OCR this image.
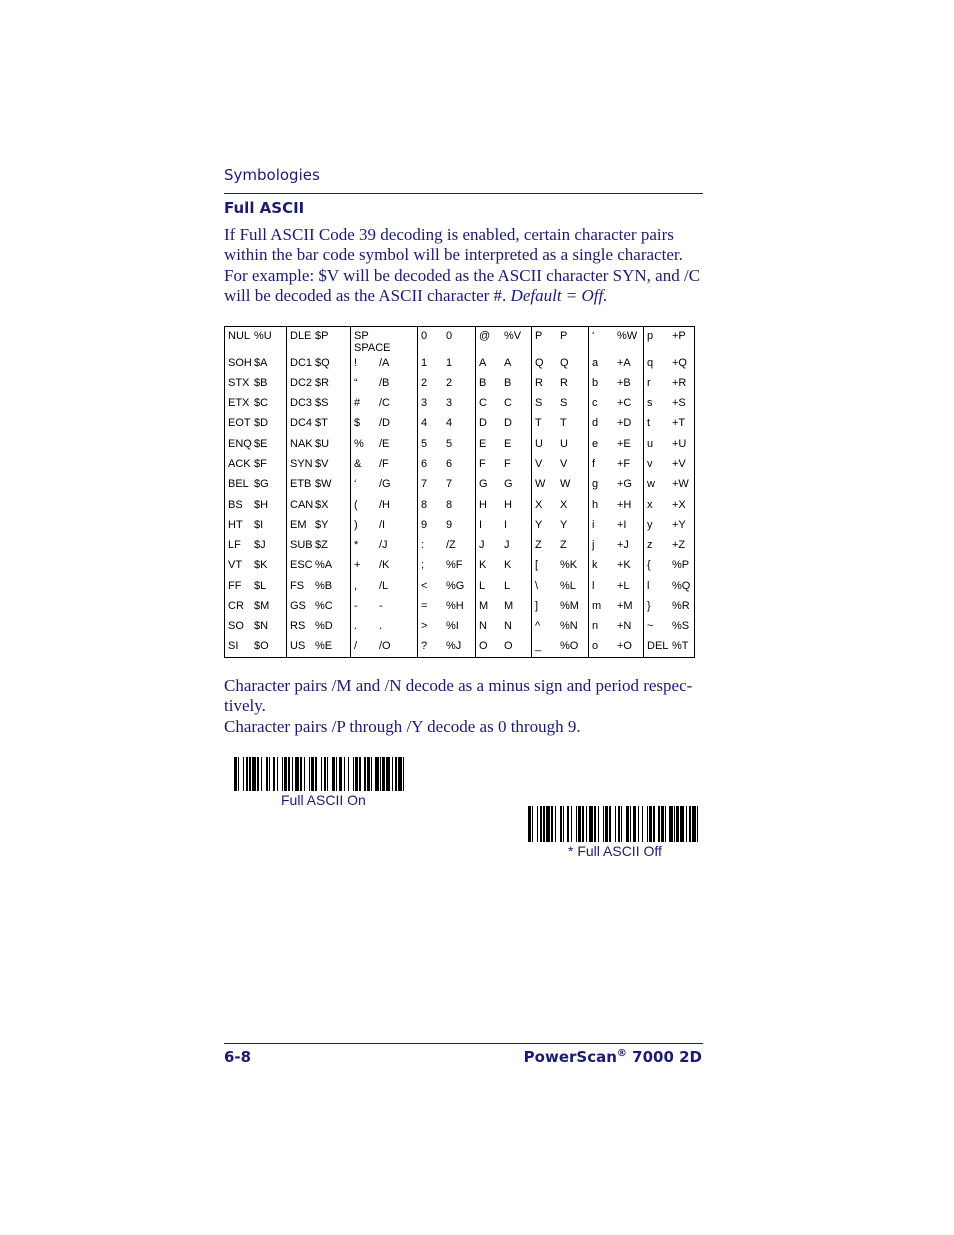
Symbologies
Full ASCII
If Full ASCII Code 39 decoding is enabled, certain character pairs within the bar code symbol will be interpreted as a single character. For example: $V will be decoded as the ASCII character SYN, and /C will be decoded as the ASCII character #. Default = Off.
NUL %U
SOH $A
STX $B
ETX $C
EOT $D
ENQ $E
ACK $F
BEL $G
BS $H
HT $I
LF $J
VT $K
FF $L
CR $M
SO $N
SI $O
DLE $P
DC1 $Q
DC2 $R
DC3 $S
DC4 $T
NAK $U
SYN $V
ETB $W
CAN $X
EM $Y
SUB $Z
ESC %A
FS %B
GS %C
RS %D
US %E
SP SPACE
! /A
“ /B
# /C
$ /D
% /E
& /F
‘ /G
( /H
) /I
* /J
+ /K
, /L
- -
. .
/ /O
0 0
1 1
2 2
3 3
4 4
5 5
6 6
7 7
8 8
9 9
: /Z
; %F
< %G
= %H
> %I
? %J
@ %V
A A
B B
C C
D D
E E
F F
G G
H H
I I
J J
K K
L L
M M
N N
O O
P P
Q Q
R R
S S
T T
U U
V V
W W
X X
Y Y
Z Z
[ %K
\ %L
] %M
^ %N
_ %O
‘ %W
a +A
b +B
c +C
d +D
e +E
f +F
g +G
h +H
i +I
j +J
k +K
l +L
m +M
n +N
o +O
p +P
q +Q
r +R
s +S
t +T
u +U
v +V
w +W
x +X
y +Y
z +Z
{ %P
l %Q
} %R
~ %S
DEL %T
Character pairs /M and /N decode as a minus sign and period respec-tively.
Character pairs /P through /Y decode as 0 through 9.
Full ASCII On
* Full ASCII Off
6-8	PowerScan® 7000 2D
